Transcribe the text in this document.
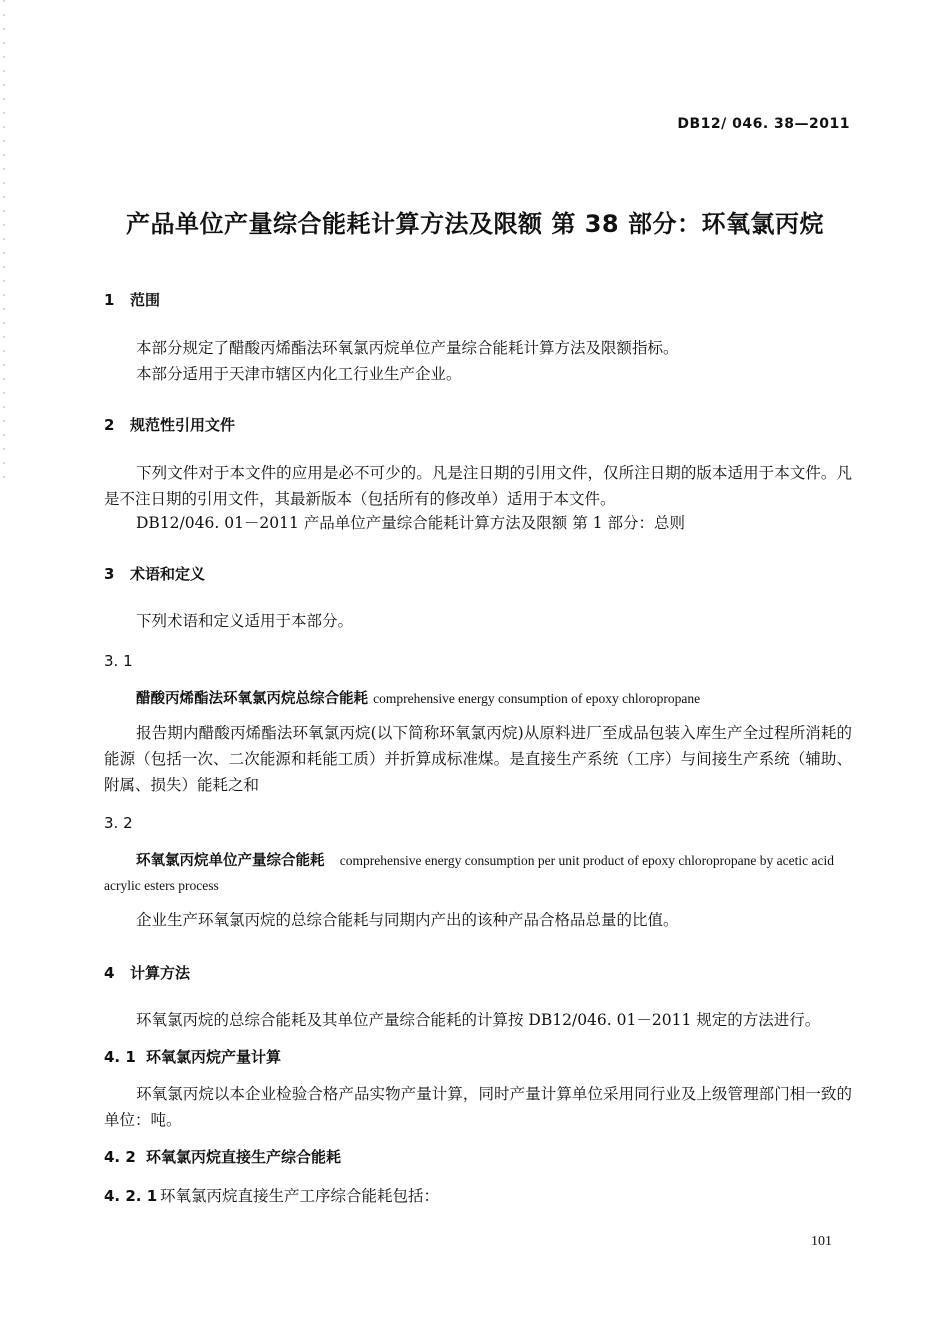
DB12/ 046. 38—2011
产品单位产量综合能耗计算方法及限额 第 38 部分：环氧氯丙烷
1 范围
本部分规定了醋酸丙烯酯法环氧氯丙烷单位产量综合能耗计算方法及限额指标。
本部分适用于天津市辖区内化工行业生产企业。
2 规范性引用文件
下列文件对于本文件的应用是必不可少的。凡是注日期的引用文件，仅所注日期的版本适用于本文件。凡是不注日期的引用文件，其最新版本（包括所有的修改单）适用于本文件。
DB12/046. 01－2011 产品单位产量综合能耗计算方法及限额 第 1 部分：总则
3 术语和定义
下列术语和定义适用于本部分。
3. 1
醋酸丙烯酯法环氧氯丙烷总综合能耗 comprehensive energy consumption of epoxy chloropropane
报告期内醋酸丙烯酯法环氧氯丙烷(以下简称环氧氯丙烷)从原料进厂至成品包装入库生产全过程所消耗的能源（包括一次、二次能源和耗能工质）并折算成标准煤。是直接生产系统（工序）与间接生产系统（辅助、附属、损失）能耗之和
3. 2
环氧氯丙烷单位产量综合能耗 comprehensive energy consumption per unit product of epoxy chloropropane by acetic acid acrylic esters process
企业生产环氧氯丙烷的总综合能耗与同期内产出的该种产品合格品总量的比值。
4 计算方法
环氧氯丙烷的总综合能耗及其单位产量综合能耗的计算按 DB12/046. 01－2011 规定的方法进行。
4. 1 环氧氯丙烷产量计算
环氧氯丙烷以本企业检验合格产品实物产量计算，同时产量计算单位采用同行业及上级管理部门相一致的单位：吨。
4. 2 环氧氯丙烷直接生产综合能耗
4. 2. 1 环氧氯丙烷直接生产工序综合能耗包括：
101
